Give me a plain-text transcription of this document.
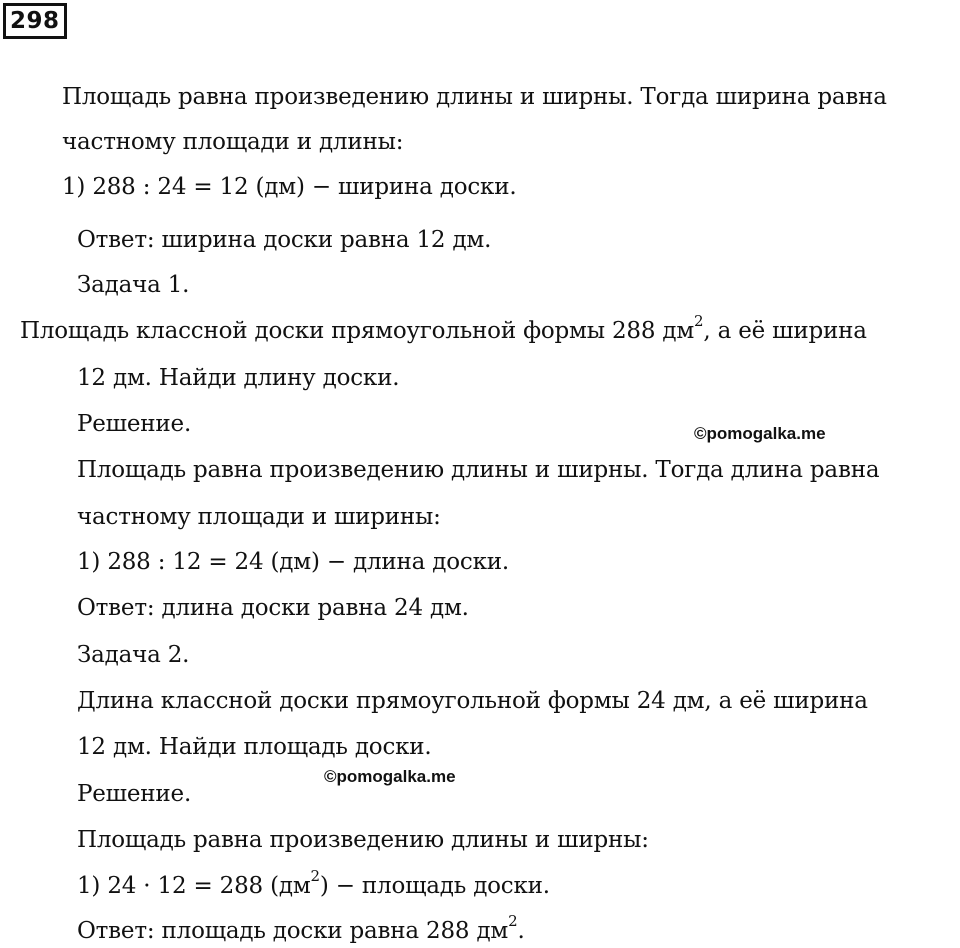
298
Площадь равна произведению длины и ширны. Тогда ширина равна
частному площади и длины:
1) 288 : 24 = 12 (дм) − ширина доски.
Ответ: ширина доски равна 12 дм.
Задача 1.
Площадь классной доски прямоугольной формы 288 $дм^2$, а её ширина
12 дм. Найди длину доски.
Решение.	©pomogalka.me
Площадь равна произведению длины и ширны. Тогда длина равна
частному площади и ширины:
1) 288 : 12 = 24 (дм) − длина доски.
Ответ: длина доски равна 24 дм.
Задача 2.
Длина классной доски прямоугольной формы 24 дм, а её ширина
12 дм. Найди площадь доски.
©pomogalka.me
Решение.
Площадь равна произведению длины и ширны:
1) 24 · 12 = 288 $(дм^2)$ − площадь доски.
Ответ: площадь доски равна 288 $дм^2$.
